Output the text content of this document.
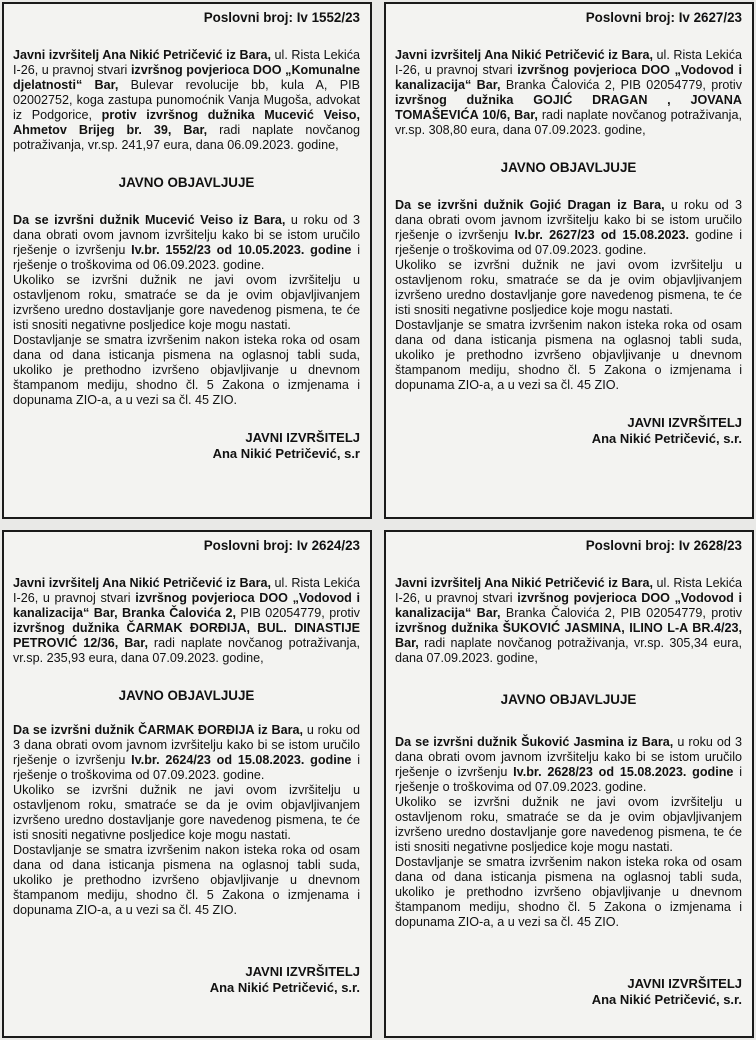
Poslovni broj: Iv 1552/23

Javni izvršitelj Ana Nikić Petričević iz Bara, ul. Rista Lekića I-26, u pravnoj stvari izvršnog povjerioca DOO „Komunalne djelatnosti“ Bar, Bulevar revolucije bb, kula A, PIB 02002752, koga zastupa punomoćnik Vanja Mugoša, advokat iz Podgorice, protiv izvršnog dužnika Mucević Veiso, Ahmetov Brijeg br. 39, Bar, radi naplate novčanog potraživanja, vr.sp. 241,97 eura, dana 06.09.2023. godine,

JAVNO OBJAVLJUJE

Da se izvršni dužnik Mucević Veiso iz Bara, u roku od 3 dana obrati ovom javnom izvršitelju kako bi se istom uručilo rješenje o izvršenju Iv.br. 1552/23 od 10.05.2023. godine i rješenje o troškovima od 06.09.2023. godine.

Ukoliko se izvršni dužnik ne javi ovom izvršitelju u ostavljenom roku, smatraće se da je ovim objavljivanjem izvršeno uredno dostavljanje gore navedenog pismena, te će isti snositi negativne posljedice koje mogu nastati.

Dostavljanje se smatra izvršenim nakon isteka roka od osam dana od dana isticanja pismena na oglasnoj tabli suda, ukoliko je prethodno izvršeno objavljivanje u dnevnom štampanom mediju, shodno čl. 5 Zakona o izmjenama i dopunama ZIO-a, a u vezi sa čl. 45 ZIO.

JAVNI IZVRŠITELJ
Ana Nikić Petričević, s.r
Poslovni broj: Iv 2627/23

Javni izvršitelj Ana Nikić Petričević iz Bara, ul. Rista Lekića I-26, u pravnoj stvari izvršnog povjerioca DOO „Vodovod i kanalizacija“ Bar, Branka Čalovića 2, PIB 02054779, protiv izvršnog dužnika GOJIĆ DRAGAN , JOVANA TOMAŠEVIĆA 10/6, Bar, radi naplate novčanog potraživanja, vr.sp. 308,80 eura, dana 07.09.2023. godine,

JAVNO OBJAVLJUJE

Da se izvršni dužnik Gojić Dragan iz Bara, u roku od 3 dana obrati ovom javnom izvršitelju kako bi se istom uručilo rješenje o izvršenju Iv.br. 2627/23 od 15.08.2023. godine i rješenje o troškovima od 07.09.2023. godine.

Ukoliko se izvršni dužnik ne javi ovom izvršitelju u ostavljenom roku, smatraće se da je ovim objavljivanjem izvršeno uredno dostavljanje gore navedenog pismena, te će isti snositi negativne posljedice koje mogu nastati.

Dostavljanje se smatra izvršenim nakon isteka roka od osam dana od dana isticanja pismena na oglasnoj tabli suda, ukoliko je prethodno izvršeno objavljivanje u dnevnom štampanom mediju, shodno čl. 5 Zakona o izmjenama i dopunama ZIO-a, a u vezi sa čl. 45 ZIO.

JAVNI IZVRŠITELJ
Ana Nikić Petričević, s.r.
Poslovni broj: Iv 2624/23

Javni izvršitelj Ana Nikić Petričević iz Bara, ul. Rista Lekića I-26, u pravnoj stvari izvršnog povjerioca DOO „Vodovod i kanalizacija“ Bar, Branka Čalovića 2, PIB 02054779, protiv izvršnog dužnika ČARMAK ĐORĐIJA, BUL. DINASTIJE PETROVIĆ 12/36, Bar, radi naplate novčanog potraživanja, vr.sp. 235,93 eura, dana 07.09.2023. godine,

JAVNO OBJAVLJUJE

Da se izvršni dužnik ČARMAK ĐORĐIJA iz Bara, u roku od 3 dana obrati ovom javnom izvršitelju kako bi se istom uručilo rješenje o izvršenju Iv.br. 2624/23 od 15.08.2023. godine i rješenje o troškovima od 07.09.2023. godine.

Ukoliko se izvršni dužnik ne javi ovom izvršitelju u ostavljenom roku, smatraće se da je ovim objavljivanjem izvršeno uredno dostavljanje gore navedenog pismena, te će isti snositi negativne posljedice koje mogu nastati.

Dostavljanje se smatra izvršenim nakon isteka roka od osam dana od dana isticanja pismena na oglasnoj tabli suda, ukoliko je prethodno izvršeno objavljivanje u dnevnom štampanom mediju, shodno čl. 5 Zakona o izmjenama i dopunama ZIO-a, a u vezi sa čl. 45 ZIO.

JAVNI IZVRŠITELJ
Ana Nikić Petričević, s.r.
Poslovni broj: Iv 2628/23

Javni izvršitelj Ana Nikić Petričević iz Bara, ul. Rista Lekića I-26, u pravnoj stvari izvršnog povjerioca DOO „Vodovod i kanalizacija“ Bar, Branka Čalovića 2, PIB 02054779, protiv izvršnog dužnika ŠUKOVIĆ JASMINA, ILINO L-A BR.4/23, Bar, radi naplate novčanog potraživanja, vr.sp. 305,34 eura, dana 07.09.2023. godine,

JAVNO OBJAVLJUJE

Da se izvršni dužnik Šuković Jasmina iz Bara, u roku od 3 dana obrati ovom javnom izvršitelju kako bi se istom uručilo rješenje o izvršenju Iv.br. 2628/23 od 15.08.2023. godine i rješenje o troškovima od 07.09.2023. godine.

Ukoliko se izvršni dužnik ne javi ovom izvršitelju u ostavljenom roku, smatraće se da je ovim objavljivanjem izvršeno uredno dostavljanje gore navedenog pismena, te će isti snositi negativne posljedice koje mogu nastati.

Dostavljanje se smatra izvršenim nakon isteka roka od osam dana od dana isticanja pismena na oglasnoj tabli suda, ukoliko je prethodno izvršeno objavljivanje u dnevnom štampanom mediju, shodno čl. 5 Zakona o izmjenama i dopunama ZIO-a, a u vezi sa čl. 45 ZIO.

JAVNI IZVRŠITELJ
Ana Nikić Petričević, s.r.
